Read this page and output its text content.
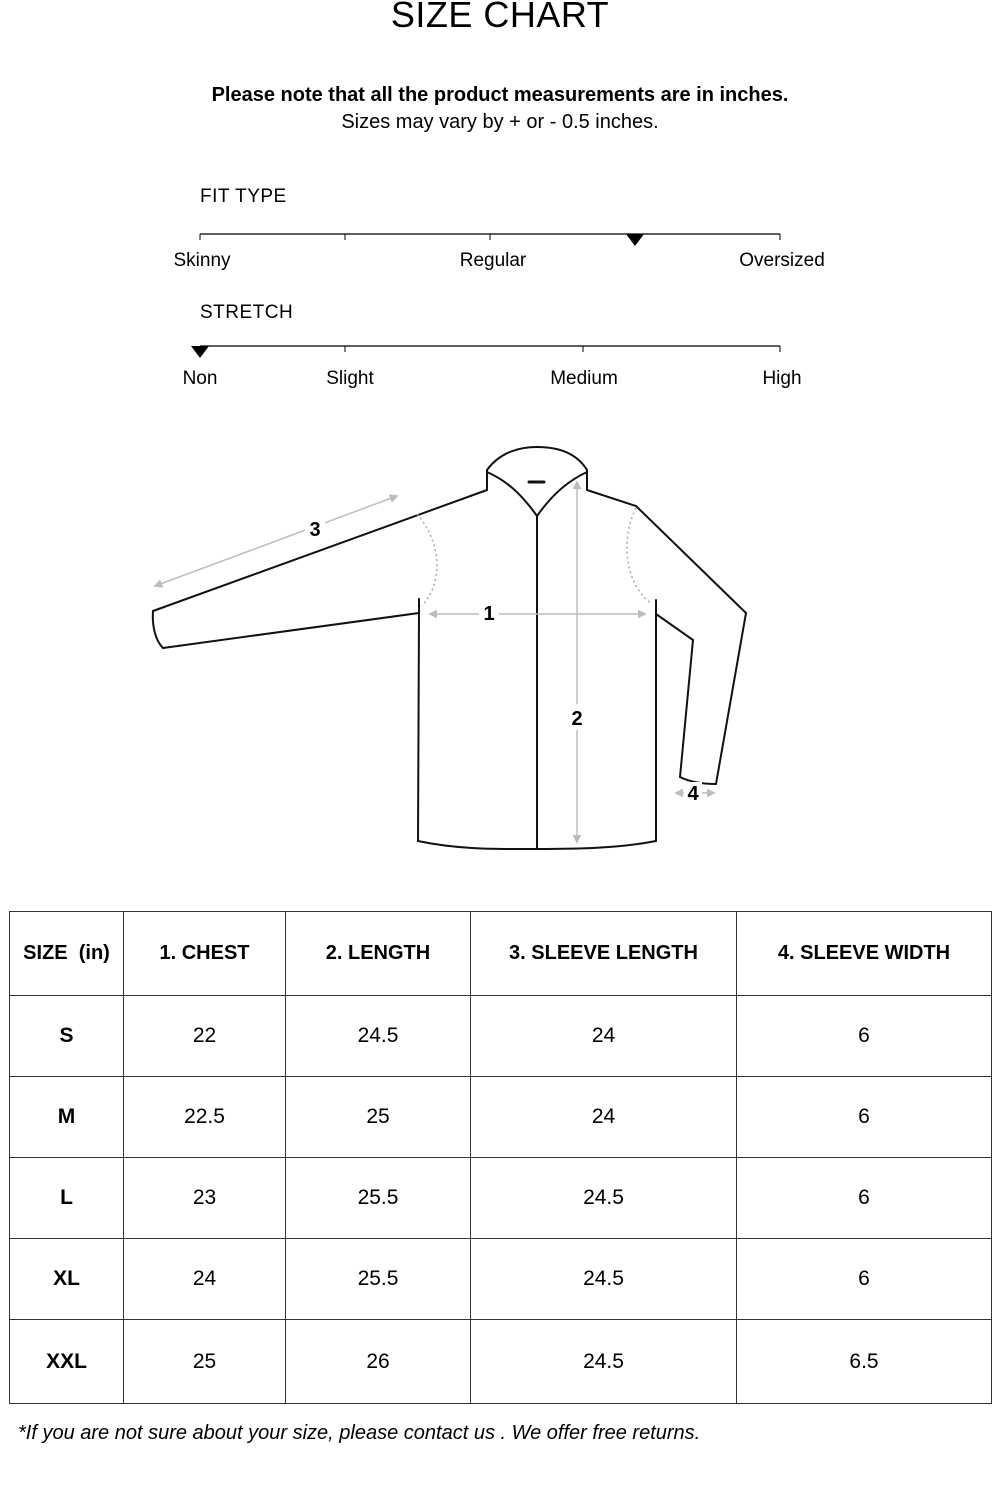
SIZE CHART
Please note that all the product measurements are in inches.
Sizes may vary by + or - 0.5 inches.
FIT TYPE
STRETCH
Skinny	Regular	Oversized
Non	Slight	Medium	High
1
2
3
4
SIZE  (in)	1. CHEST	2. LENGTH	3. SLEEVE LENGTH	4. SLEEVE WIDTH
S	22	24.5	24	6
M	22.5	25	24	6
L	23	25.5	24.5	6
XL	24	25.5	24.5	6
XXL	25	26	24.5	6.5
*If you are not sure about your size, please contact us . We offer free returns.
